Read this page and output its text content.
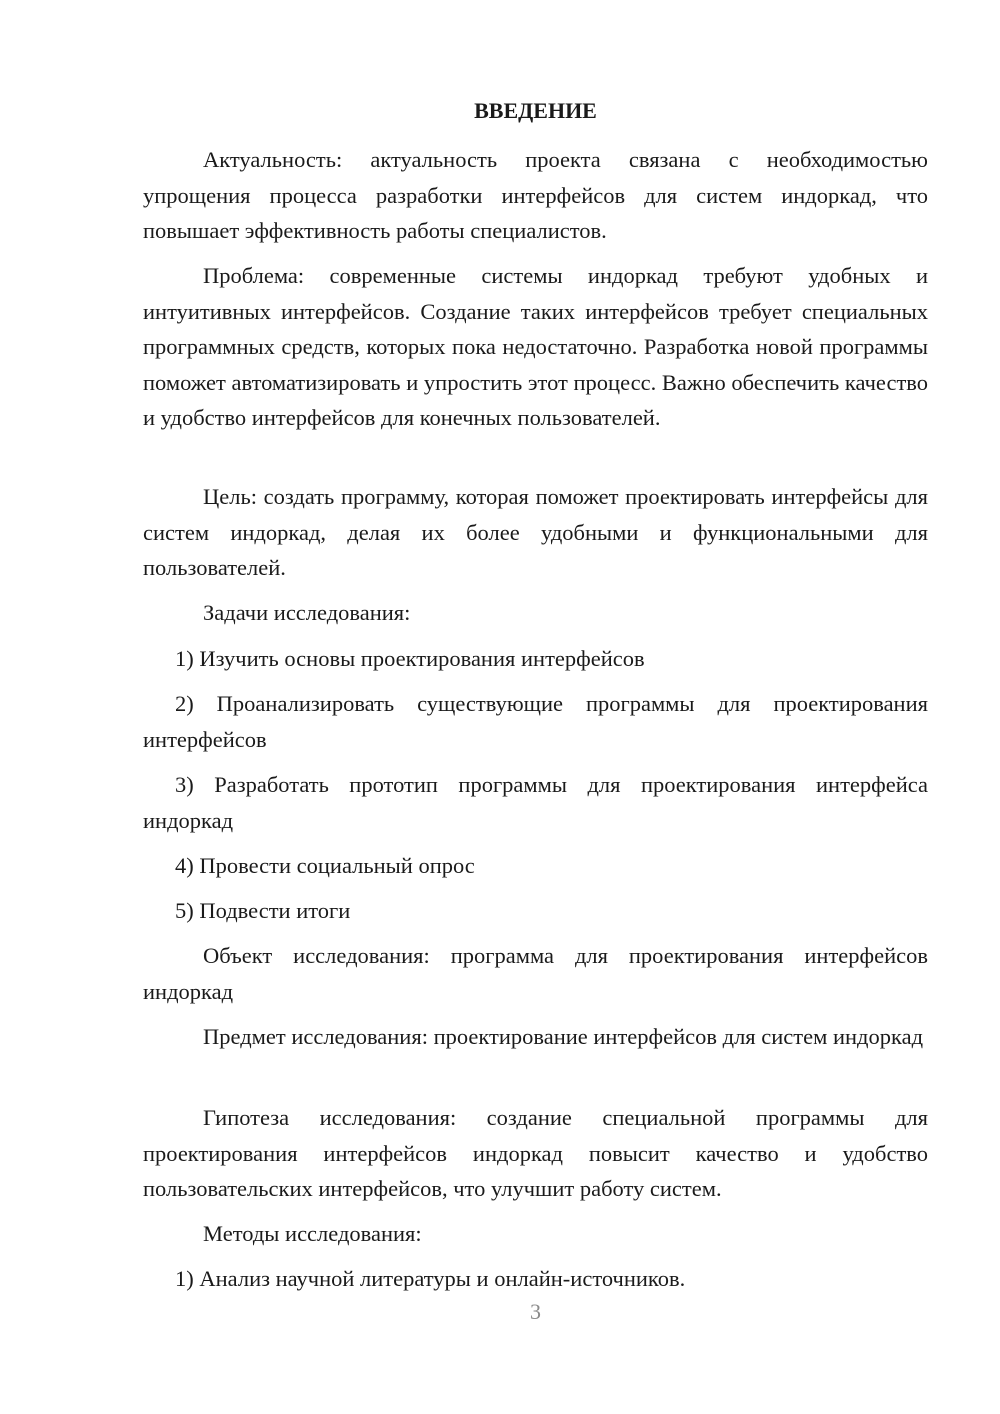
ВВЕДЕНИЕ

Актуальность: актуальность проекта связана с необходимостью упрощения процесса разработки интерфейсов для систем индоркад, что повышает эффективность работы специалистов.

Проблема: современные системы индоркад требуют удобных и интуитивных интерфейсов. Создание таких интерфейсов требует специальных программных средств, которых пока недостаточно. Разработка новой программы поможет автоматизировать и упростить этот процесс. Важно обеспечить качество и удобство интерфейсов для конечных пользователей.

Цель: создать программу, которая поможет проектировать интерфейсы для систем индоркад, делая их более удобными и функциональными для пользователей.

Задачи исследования:

1) Изучить основы проектирования интерфейсов

2) Проанализировать существующие программы для проектирования интерфейсов

3) Разработать прототип программы для проектирования интерфейса индоркад

4) Провести социальный опрос

5) Подвести итоги

Объект исследования: программа для проектирования интерфейсов индоркад

Предмет исследования: проектирование интерфейсов для систем индоркад

Гипотеза исследования: создание специальной программы для проектирования интерфейсов индоркад повысит качество и удобство пользовательских интерфейсов, что улучшит работу систем.

Методы исследования:

1) Анализ научной литературы и онлайн-источников.

3
